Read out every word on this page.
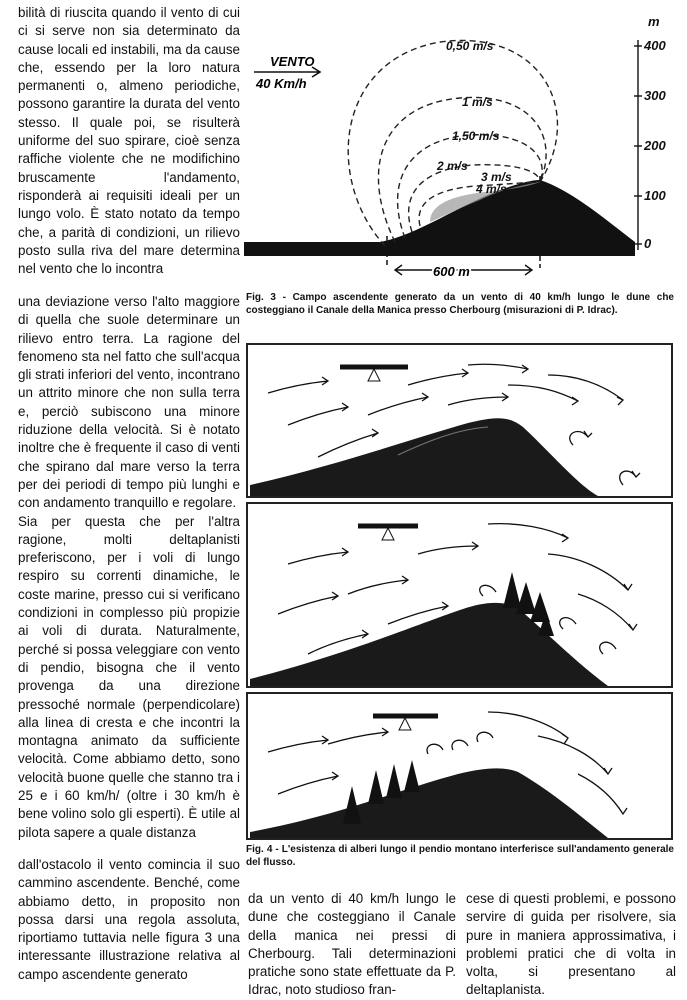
bilità di riuscita quando il vento di cui ci si serve non sia determinato da cause locali ed instabili, ma da cause che, essendo per la loro natura permanenti o, almeno periodiche, possono garantire la durata del vento stesso. Il quale poi, se risulterà uniforme del suo spirare, cioè senza raffiche violente che ne modifichino bruscamente l'andamento, risponderà ai requisiti ideali per un lungo volo. È stato notato da tempo che, a parità di condizioni, un rilievo posto sulla riva del mare determina nel vento che lo incontra

una deviazione verso l'alto maggiore di quella che suole determinare un rilievo entro terra. La ragione del fenomeno sta nel fatto che sull'acqua gli strati inferiori del vento, incontrano un attrito minore che non sulla terra e, perciò subiscono una minore riduzione della velocità. Si è notato inoltre che è frequente il caso di venti che spirano dal mare verso la terra per dei periodi di tempo più lunghi e con andamento tranquillo e regolare.

Sia per questa che per l'altra ragione, molti deltaplanisti preferiscono, per i voli di lungo respiro su correnti dinamiche, le coste marine, presso cui si verificano condizioni in complesso più propizie ai voli di durata. Naturalmente, perché si possa veleggiare con vento di pendio, bisogna che il vento provenga da una direzione pressoché normale (perpendicolare) alla linea di cresta e che incontri la montagna animato da sufficiente velocità. Come abbiamo detto, sono velocità buone quelle che stanno tra i 25 e i 60 km/h/ (oltre i 30 km/h è bene volino solo gli esperti). È utile al pilota sapere a quale distanza

dall'ostacolo il vento comincia il suo cammino ascendente. Benché, come abbiamo detto, in proposito non possa darsi una regola assoluta, riportiamo tuttavia nelle figura 3 una interessante illustrazione relativa al campo ascendente generato

da un vento di 40 km/h lungo le dune che costeggiano il Canale della manica nei pressi di Cherbourg. Tali determinazioni pratiche sono state effettuate da P. Idrac, noto studioso fran-

cese di questi problemi, e possono servire di guida per risolvere, sia pure in maniera approssimativa, i problemi pratici che di volta in volta, si presentano al deltaplanista.

0,50 m/s
1 m/s
1,50 m/s
2 m/s
3 m/s
4 m/s
VENTO
40 Km/h
600 m
m
400
300
200
100
0
Fig. 3 - Campo ascendente generato da un vento di 40 km/h lungo le dune che costeggiano il Canale della Manica presso Cherbourg (misurazioni di P. Idrac).
Fig. 4 - L'esistenza di alberi lungo il pendio montano interferisce sull'andamento generale del flusso.
